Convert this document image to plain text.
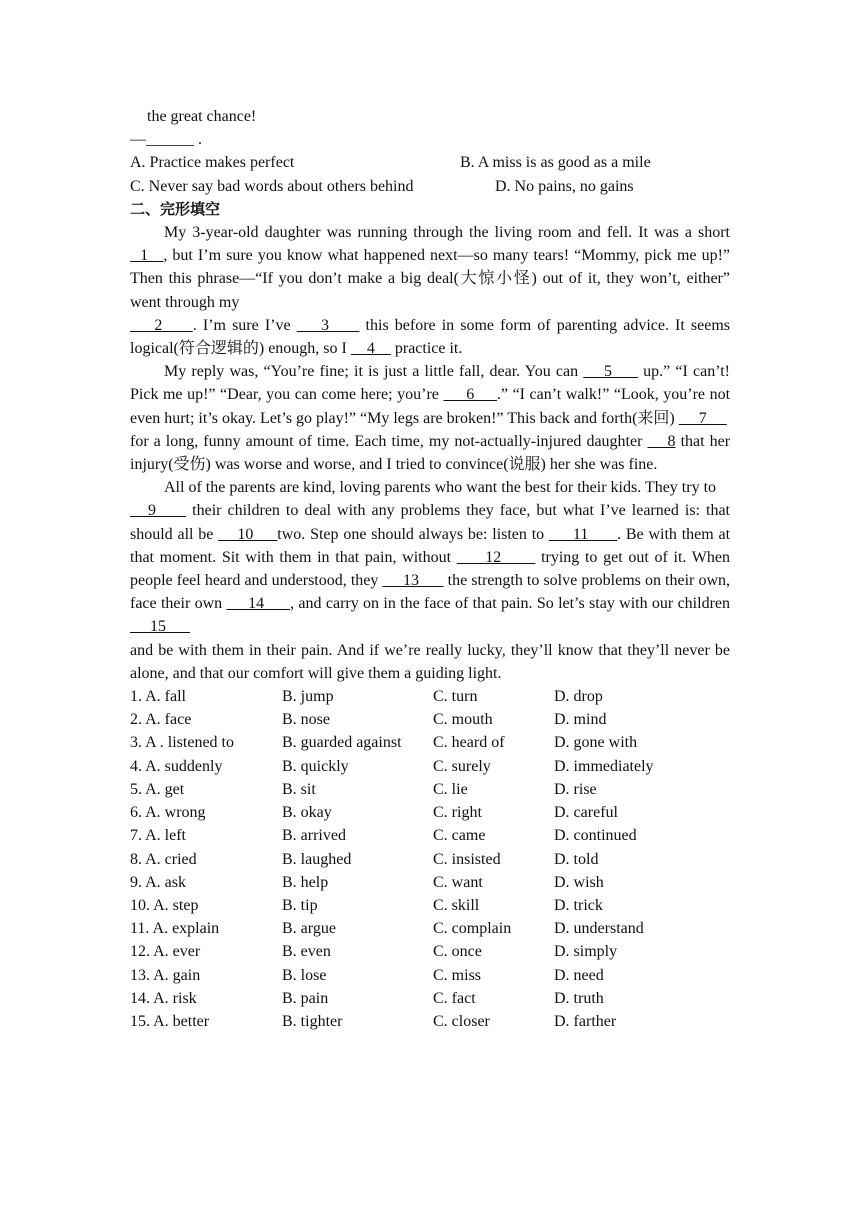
the great chance!
—______ .
A. Practice makes perfect	B. A miss is as good as a mile
C. Never say bad words about others behind	D. No pains, no gains
二、完形填空
My 3-year-old daughter was running through the living room and fell. It was a short   1   , but I’m sure you know what happened next—so many tears! “Mommy, pick me up!” Then this phrase—“If you don’t make a big deal(大惊小怪) out of it, they won’t, either” went through my
2     . I’m sure I’ve     3      this before in some form of parenting advice. It seems logical(符合逻辑的) enough, so I     4     practice it.
My reply was, “You’re fine; it is just a little fall, dear. You can     5      up.” “I can’t! Pick me up!” “Dear, you can come here; you’re      6     .” “I can’t walk!” “Look, you’re not even hurt; it’s okay. Let’s go play!” “My legs are broken!” This back and forth(来回)      7
for a long, funny amount of time. Each time, my not-actually-injured daughter     8 that her injury(受伤) was worse and worse, and I tried to convince(说服) her she was fine.
All of the parents are kind, loving parents who want the best for their kids. They try to
9      their children to deal with any problems they face, but what I’ve learned is: that should all be     10     two. Step one should always be: listen to      11      . Be with them at that moment. Sit with them in that pain, without      12       trying to get out of it. When people feel heard and understood, they      13       the strength to solve problems on their own, face their own      14      , and carry on in the face of that pain. So let’s stay with our children      15
and be with them in their pain. And if we’re really lucky, they’ll know that they’ll never be alone, and that our comfort will give them a guiding light.
1. A. fall	B. jump	C. turn	D. drop
2. A. face	B. nose	C. mouth	D. mind
3. A . listened to	B. guarded against	C. heard of	D. gone with
4. A. suddenly	B. quickly	C. surely	D. immediately
5. A. get	B. sit	C. lie	D. rise
6. A. wrong	B. okay	C. right	D. careful
7. A. left	B. arrived	C. came	D. continued
8. A. cried	B. laughed	C. insisted	D. told
9. A. ask	B. help	C. want	D. wish
10. A. step	B. tip	C. skill	D. trick
11. A. explain	B. argue	C. complain	D. understand
12. A. ever	B. even	C. once	D. simply
13. A. gain	B. lose	C. miss	D. need
14. A. risk	B. pain	C. fact	D. truth
15. A. better	B. tighter	C. closer	D. farther
